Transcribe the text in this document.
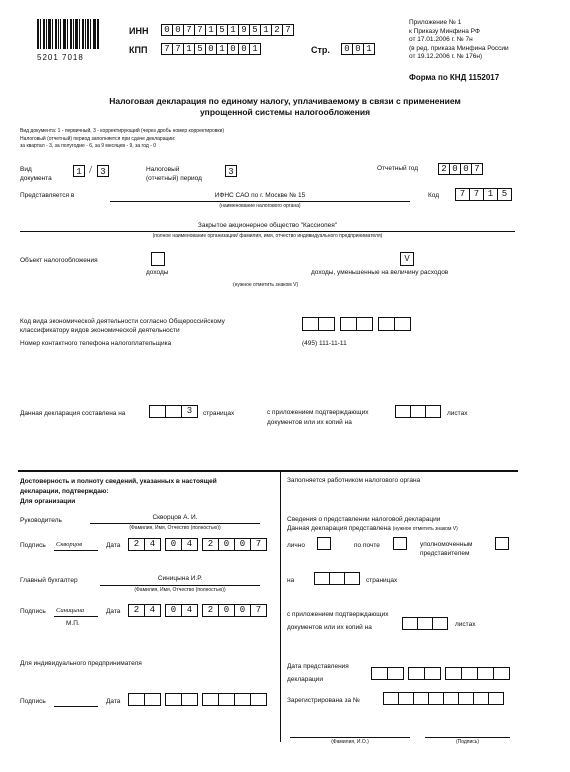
5201 7018
ИНН	0 0 7 7 1 5 1 9 5 1 2 7
КПП	7 7 1 5 0 1 0 0 1	Стр.	0 0 1
Приложение № 1
к Приказу Минфина РФ
от 17.01.2006 г. № 7н
(в ред. приказа Минфина России
от 19.12.2006 г. № 176н)
Форма по КНД 1152017
Налоговая декларация по единому налогу, уплачиваемому в связи с применением
упрощенной системы налогообложения
Вид документа: 1 - первичный, 3 - корректирующий (через дробь номер корректировки)
Налоговый (отчетный) период заполняется при сдаче декларации:
за квартал - 3, за полугодие - 6, за 9 месяцев - 9, за год - 0
Вид
документа
1 / 3	Налоговый
(отчетный) период
3	Отчетный год	2 0 0 7
Представляется в	ИФНС САО по г. Москве № 15
(наименование налогового органа)
Код	7 7 1 5
Закрытое акционерное общество "Кассиопея"
(полное наименование организации/ фамилия, имя, отчество индивидуального предпринимателя)
Объект налогообложения
доходы
V
доходы, уменьшенные на величину расходов
(нужное отметить знаком V)
Код вида экономической деятельности согласно Общероссийскому
классификатору видов экономической деятельности
Номер контактного телефона налогоплательщика	(495) 111-11-11
Данная декларация составлена на	3	страницах	с приложением подтверждающих
документов или их копий на
листах
Достоверность и полноту сведений, указанных в настоящей
декларации, подтверждаю:
Для организации
Руководитель	Скворцов А. И.
(Фамилия, Имя, Отчество (полностью))
Подпись Скворцов	Дата	2	4	0	4	2	0	0	7
Главный бухгалтер	Синицына И.Р.
(Фамилия, Имя, Отчество (полностью))
Подпись Синицына
М.П.
Дата	2	4	0	4	2	0	0	7
Для индивидуального предпринимателя
Подпись	Дата
Заполняется работником налогового органа
Сведения о представлении налоговой декларации
Данная декларация представлена (нужное отметить знаком V)
лично	по почте	уполномоченным
представителем
на	страницах
с приложением подтверждающих
документов или их копий на	листах
Дата представления
декларации
Зарегистрирована за №
(Фамилия, И.О.)	(Подпись)
